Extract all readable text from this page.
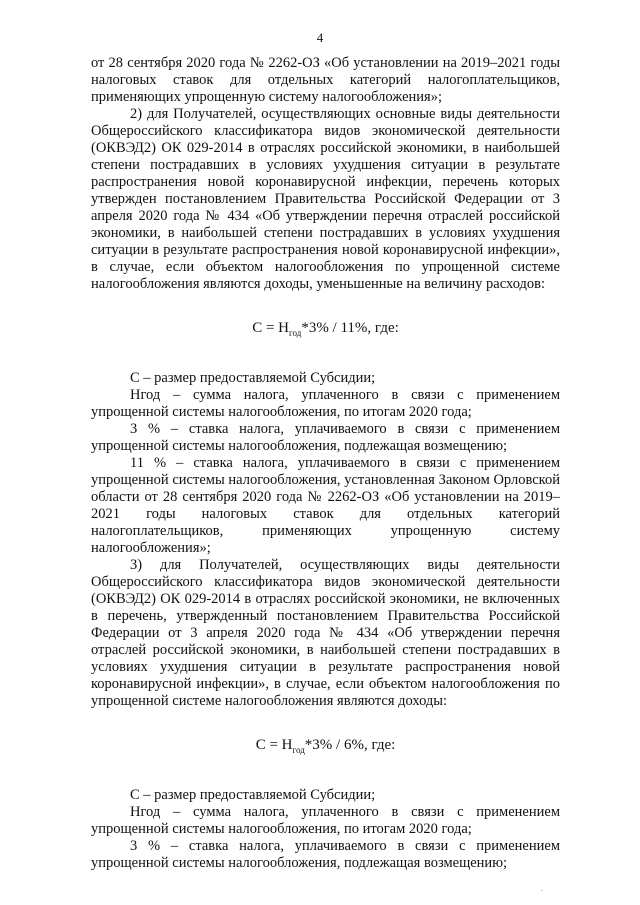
4

от 28 сентября 2020 года № 2262-ОЗ «Об установлении на 2019–2021 годы налоговых ставок для отдельных категорий налогоплательщиков, применяющих упрощенную систему налогообложения»;

2) для Получателей, осуществляющих основные виды деятельности Общероссийского классификатора видов экономической деятельности (ОКВЭД2) ОК 029-2014 в отраслях российской экономики, в наибольшей степени пострадавших в условиях ухудшения ситуации в результате распространения новой коронавирусной инфекции, перечень которых утвержден постановлением Правительства Российской Федерации от 3 апреля 2020 года № 434 «Об утверждении перечня отраслей российской экономики, в наибольшей степени пострадавших в условиях ухудшения ситуации в результате распространения новой коронавирусной инфекции», в случае, если объектом налогообложения по упрощенной системе налогообложения являются доходы, уменьшенные на величину расходов:

$С = Н_{год}*3\% / 11\%$, где:

С – размер предоставляемой Субсидии;

Нгод – сумма налога, уплаченного в связи с применением упрощенной системы налогообложения, по итогам 2020 года;

3 % – ставка налога, уплачиваемого в связи с применением упрощенной системы налогообложения, подлежащая возмещению;

11 % – ставка налога, уплачиваемого в связи с применением упрощенной системы налогообложения, установленная Законом Орловской области от 28 сентября 2020 года № 2262-ОЗ «Об установлении на 2019–2021 годы налоговых ставок для отдельных категорий налогоплательщиков, применяющих упрощенную систему налогообложения»;

3) для Получателей, осуществляющих виды деятельности Общероссийского классификатора видов экономической деятельности (ОКВЭД2) ОК 029-2014 в отраслях российской экономики, не включенных в перечень, утвержденный постановлением Правительства Российской Федерации от 3 апреля 2020 года № 434 «Об утверждении перечня отраслей российской экономики, в наибольшей степени пострадавших в условиях ухудшения ситуации в результате распространения новой коронавирусной инфекции», в случае, если объектом налогообложения по упрощенной системе налогообложения являются доходы:

$С = Н_{год}*3\% / 6\%$, где:

С – размер предоставляемой Субсидии;

Нгод – сумма налога, уплаченного в связи с применением упрощенной системы налогообложения, по итогам 2020 года;

3 % – ставка налога, уплачиваемого в связи с применением упрощенной системы налогообложения, подлежащая возмещению;

.
